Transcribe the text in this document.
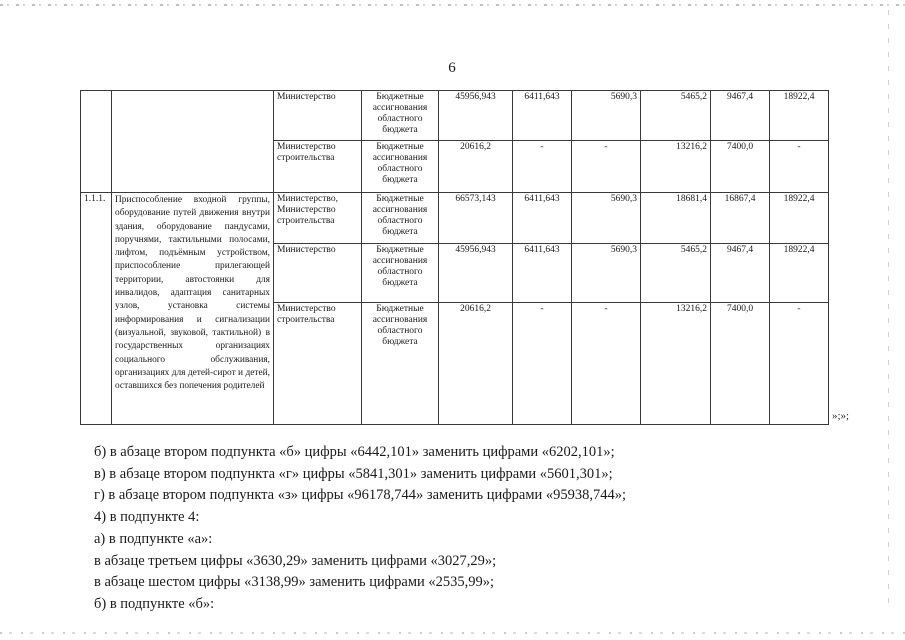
6
		Министерство	Бюджетные ассигнования областного бюджета	45956,943	6411,643	5690,3	5465,2	9467,4	18922,4
		Министерство строительства	Бюджетные ассигнования областного бюджета	20616,2	-	-	13216,2	7400,0	-
1.1.1.	Приспособление входной группы, оборудование путей движения внутри здания, оборудование пандусами, поручнями, тактильными полосами, лифтом, подъёмным устройством, приспособление прилегающей территории, автостоянки для инвалидов, адаптация санитарных узлов, установка системы информирования и сигнализации (визуальной, звуковой, тактильной) в государственных организациях социального обслуживания, организациях для детей-сирот и детей, оставшихся без попечения родителей	Министерство, Министерство строительства	Бюджетные ассигнования областного бюджета	66573,143	6411,643	5690,3	18681,4	16867,4	18922,4
		Министерство	Бюджетные ассигнования областного бюджета	45956,943	6411,643	5690,3	5465,2	9467,4	18922,4
		Министерство строительства	Бюджетные ассигнования областного бюджета	20616,2	-	-	13216,2	7400,0	-
»;»;
б) в абзаце втором подпункта «б» цифры «6442,101» заменить цифрами «6202,101»;
в) в абзаце втором подпункта «г» цифры «5841,301» заменить цифрами «5601,301»;
г) в абзаце втором подпункта «з» цифры «96178,744» заменить цифрами «95938,744»;
4) в подпункте 4:
а) в подпункте «а»:
в абзаце третьем цифры «3630,29» заменить цифрами «3027,29»;
в абзаце шестом цифры «3138,99» заменить цифрами «2535,99»;
б) в подпункте «б»:
